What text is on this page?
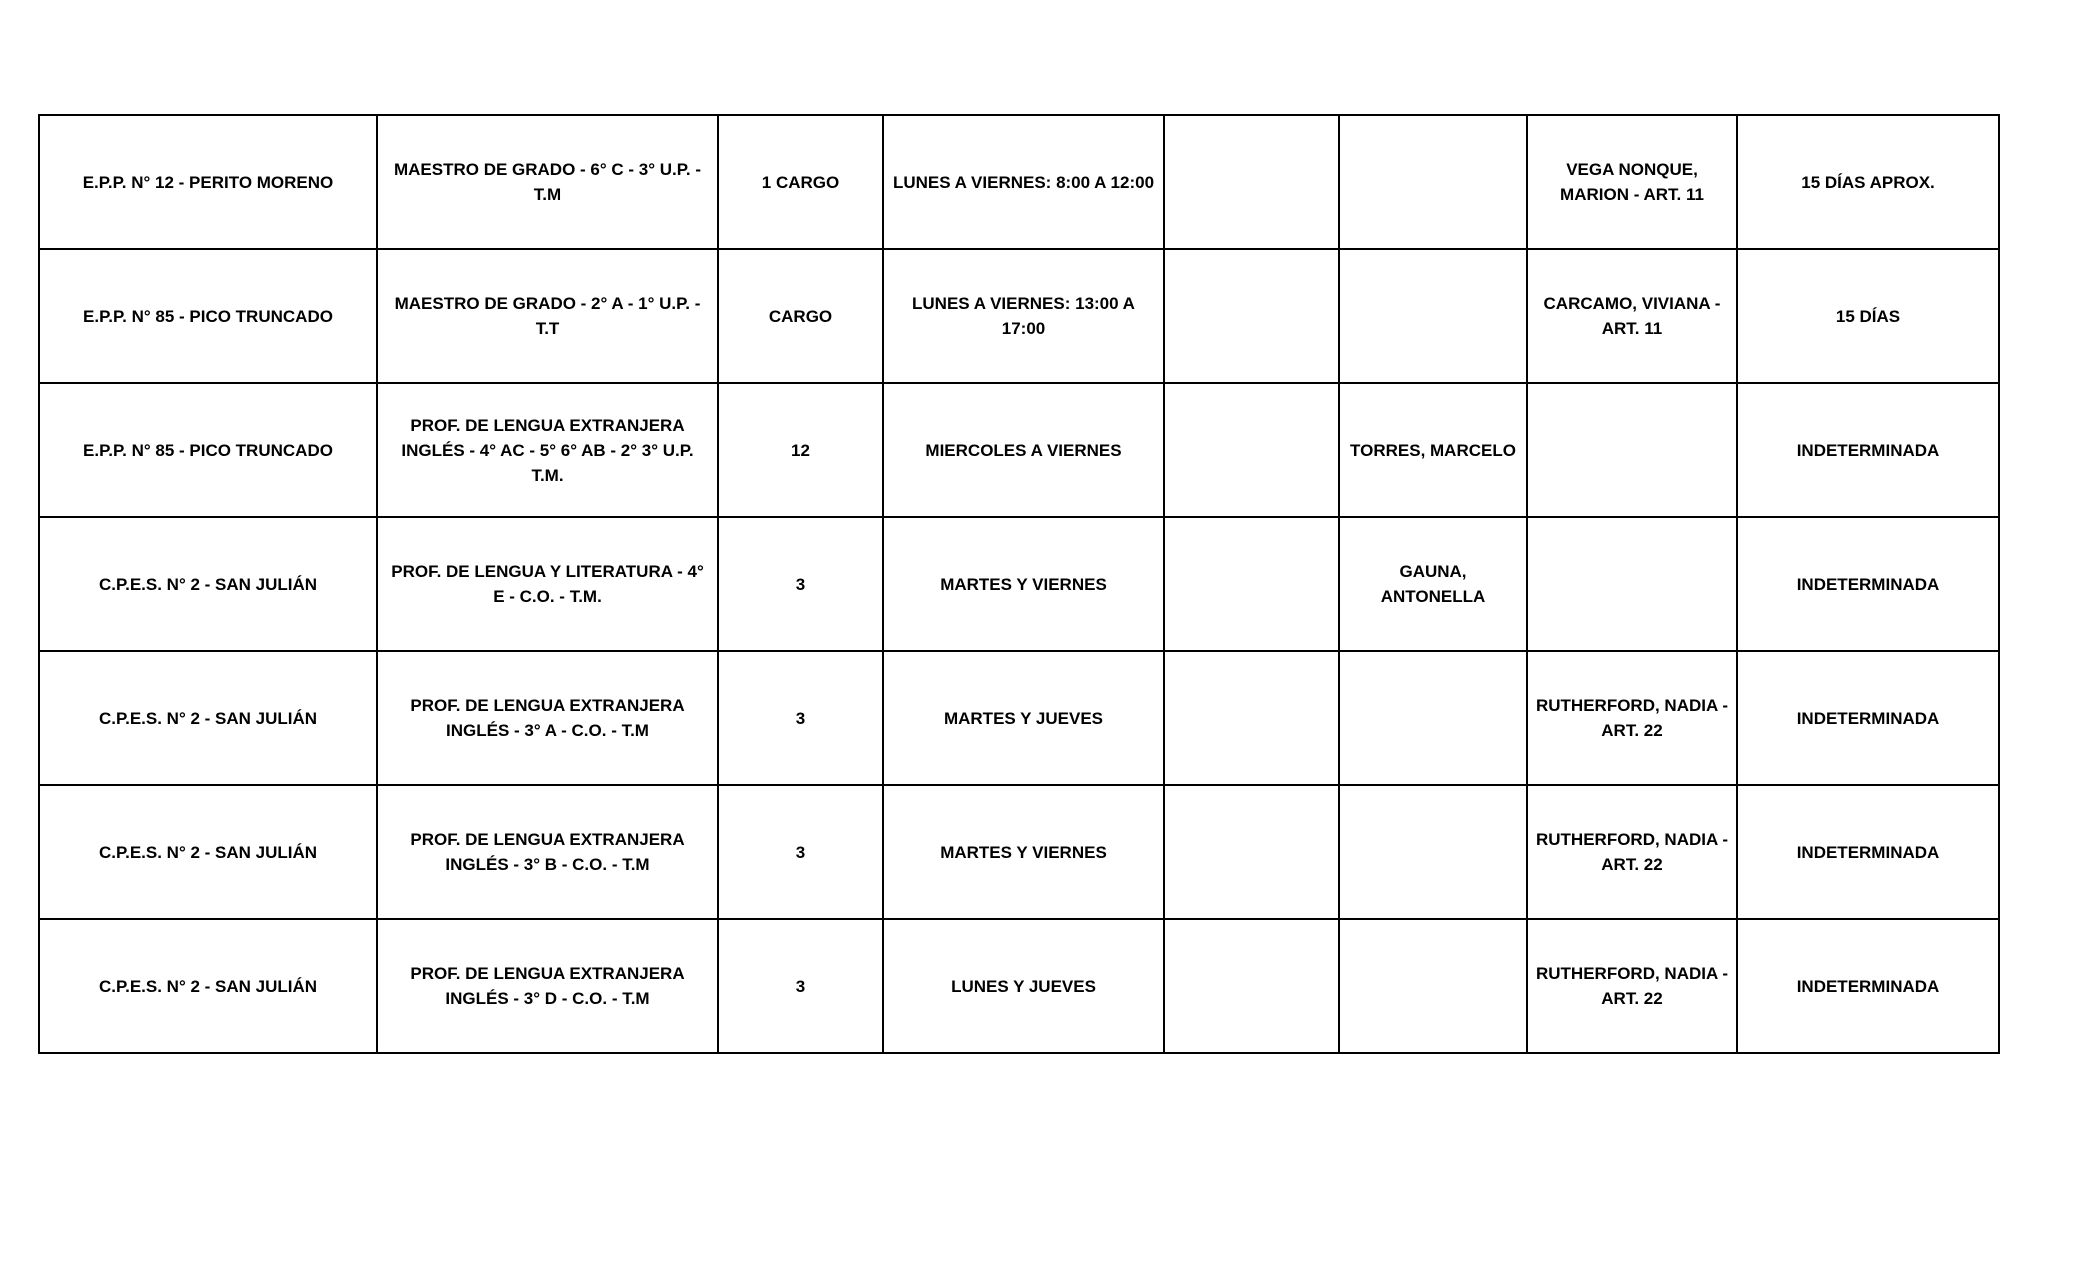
E.P.P. N° 12 - PERITO MORENO	MAESTRO DE GRADO - 6° C - 3° U.P. - T.M	1 CARGO	LUNES A VIERNES: 8:00 A 12:00			VEGA NONQUE, MARION - ART. 11	15 DÍAS APROX.
E.P.P. N° 85 - PICO TRUNCADO	MAESTRO DE GRADO - 2° A - 1° U.P. - T.T	CARGO	LUNES A VIERNES: 13:00 A 17:00			CARCAMO, VIVIANA - ART. 11	15 DÍAS
E.P.P. N° 85 - PICO TRUNCADO	PROF. DE LENGUA EXTRANJERA INGLÉS - 4° AC - 5° 6° AB - 2° 3° U.P. T.M.	12	MIERCOLES A VIERNES		TORRES, MARCELO		INDETERMINADA
C.P.E.S. N° 2 - SAN JULIÁN	PROF. DE LENGUA Y LITERATURA - 4° E - C.O. - T.M.	3	MARTES Y VIERNES		GAUNA, ANTONELLA		INDETERMINADA
C.P.E.S. N° 2 - SAN JULIÁN	PROF. DE LENGUA EXTRANJERA INGLÉS - 3° A - C.O. - T.M	3	MARTES Y JUEVES			RUTHERFORD, NADIA - ART. 22	INDETERMINADA
C.P.E.S. N° 2 - SAN JULIÁN	PROF. DE LENGUA EXTRANJERA INGLÉS - 3° B - C.O. - T.M	3	MARTES Y VIERNES			RUTHERFORD, NADIA - ART. 22	INDETERMINADA
C.P.E.S. N° 2 - SAN JULIÁN	PROF. DE LENGUA EXTRANJERA INGLÉS - 3° D - C.O. - T.M	3	LUNES Y JUEVES			RUTHERFORD, NADIA - ART. 22	INDETERMINADA
